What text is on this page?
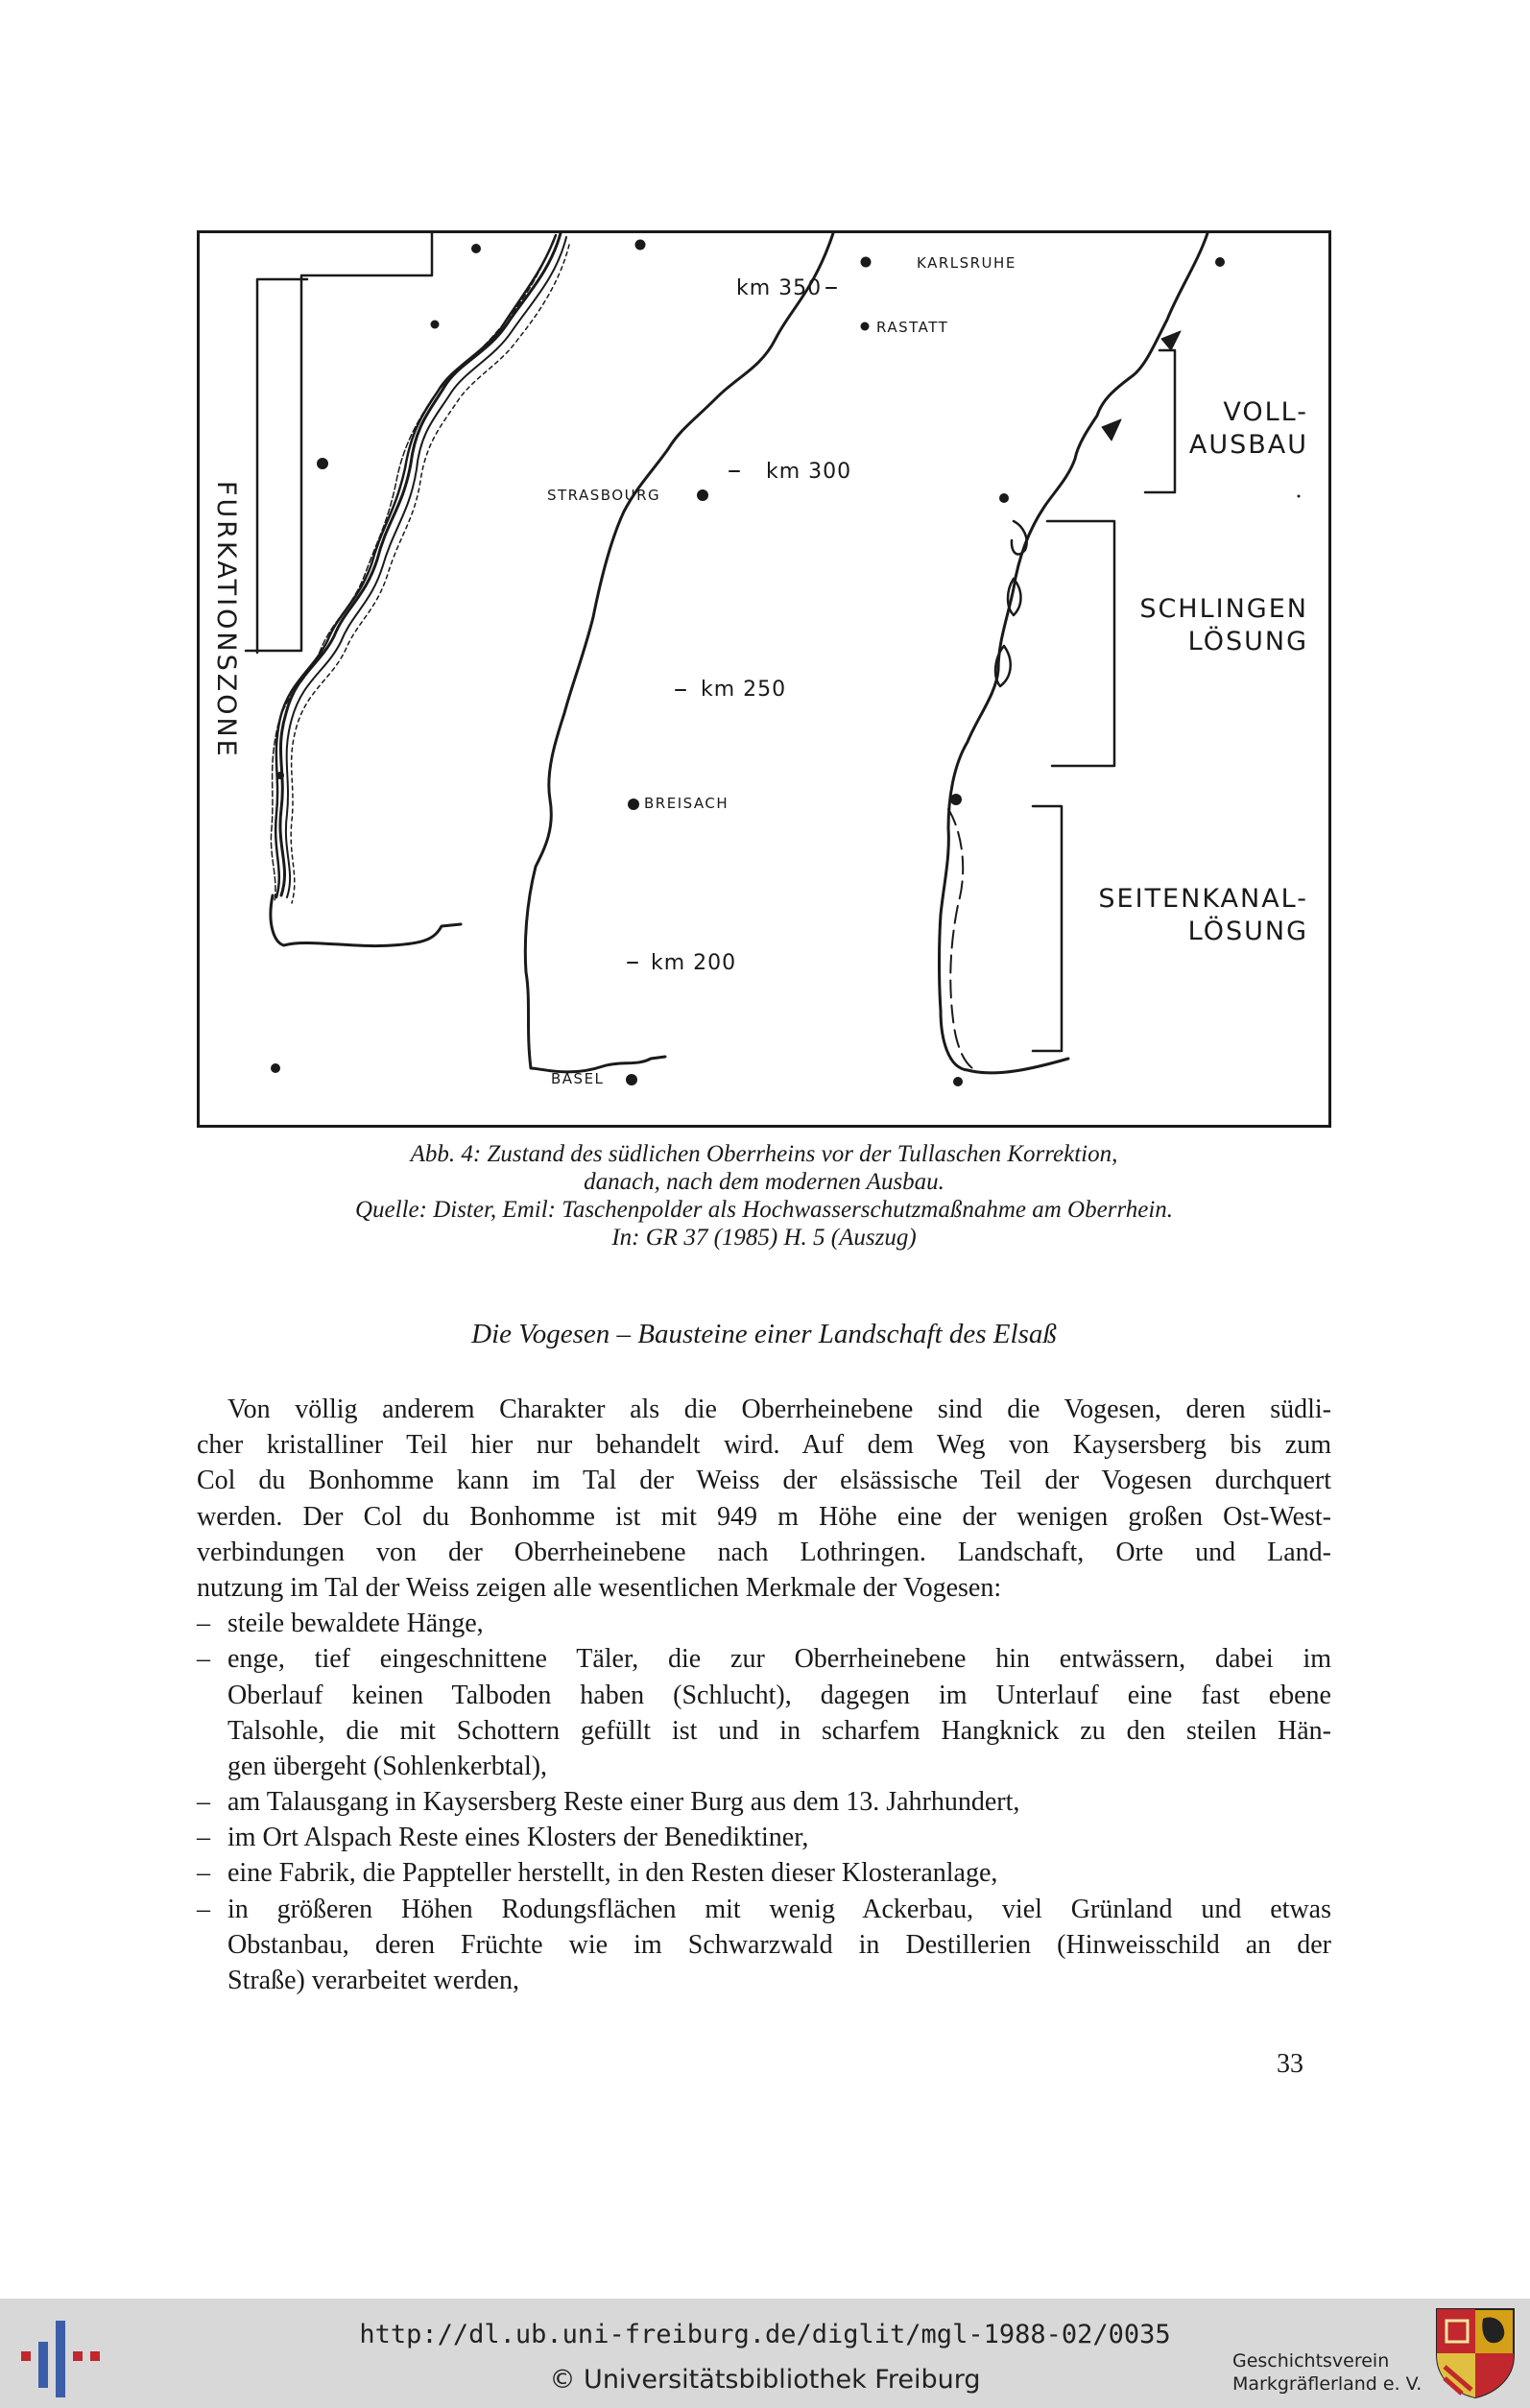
KARLSRUHE
RASTATT
STRASBOURG
BREISACH
BASEL
km 350
km 300
km 250
km 200
FURKATIONSZONE
VOLL-
AUSBAU
SCHLINGEN
LÖSUNG
SEITENKANAL-
LÖSUNG
Abb. 4: Zustand des südlichen Oberrheins vor der Tullaschen Korrektion,
danach, nach dem modernen Ausbau.
Quelle: Dister, Emil: Taschenpolder als Hochwasserschutzmaßnahme am Oberrhein.
In: GR 37 (1985) H. 5 (Auszug)
Die Vogesen – Bausteine einer Landschaft des Elsaß
Von völlig anderem Charakter als die Oberrheinebene sind die Vogesen, deren südli-
cher kristalliner Teil hier nur behandelt wird. Auf dem Weg von Kaysersberg bis zum
Col du Bonhomme kann im Tal der Weiss der elsässische Teil der Vogesen durchquert
werden. Der Col du Bonhomme ist mit 949 m Höhe eine der wenigen großen Ost-West-
verbindungen von der Oberrheinebene nach Lothringen. Landschaft, Orte und Land-
nutzung im Tal der Weiss zeigen alle wesentlichen Merkmale der Vogesen:
– steile bewaldete Hänge,
– enge, tief eingeschnittene Täler, die zur Oberrheinebene hin entwässern, dabei im
Oberlauf keinen Talboden haben (Schlucht), dagegen im Unterlauf eine fast ebene
Talsohle, die mit Schottern gefüllt ist und in scharfem Hangknick zu den steilen Hän-
gen übergeht (Sohlenkerbtal),
– am Talausgang in Kaysersberg Reste einer Burg aus dem 13. Jahrhundert,
– im Ort Alspach Reste eines Klosters der Benediktiner,
– eine Fabrik, die Pappteller herstellt, in den Resten dieser Klosteranlage,
– in größeren Höhen Rodungsflächen mit wenig Ackerbau, viel Grünland und etwas
Obstanbau, deren Früchte wie im Schwarzwald in Destillerien (Hinweisschild an der
Straße) verarbeitet werden,
33
http://dl.ub.uni-freiburg.de/diglit/mgl-1988-02/0035
© Universitätsbibliothek Freiburg
Geschichtsverein
Markgräflerland e. V.
